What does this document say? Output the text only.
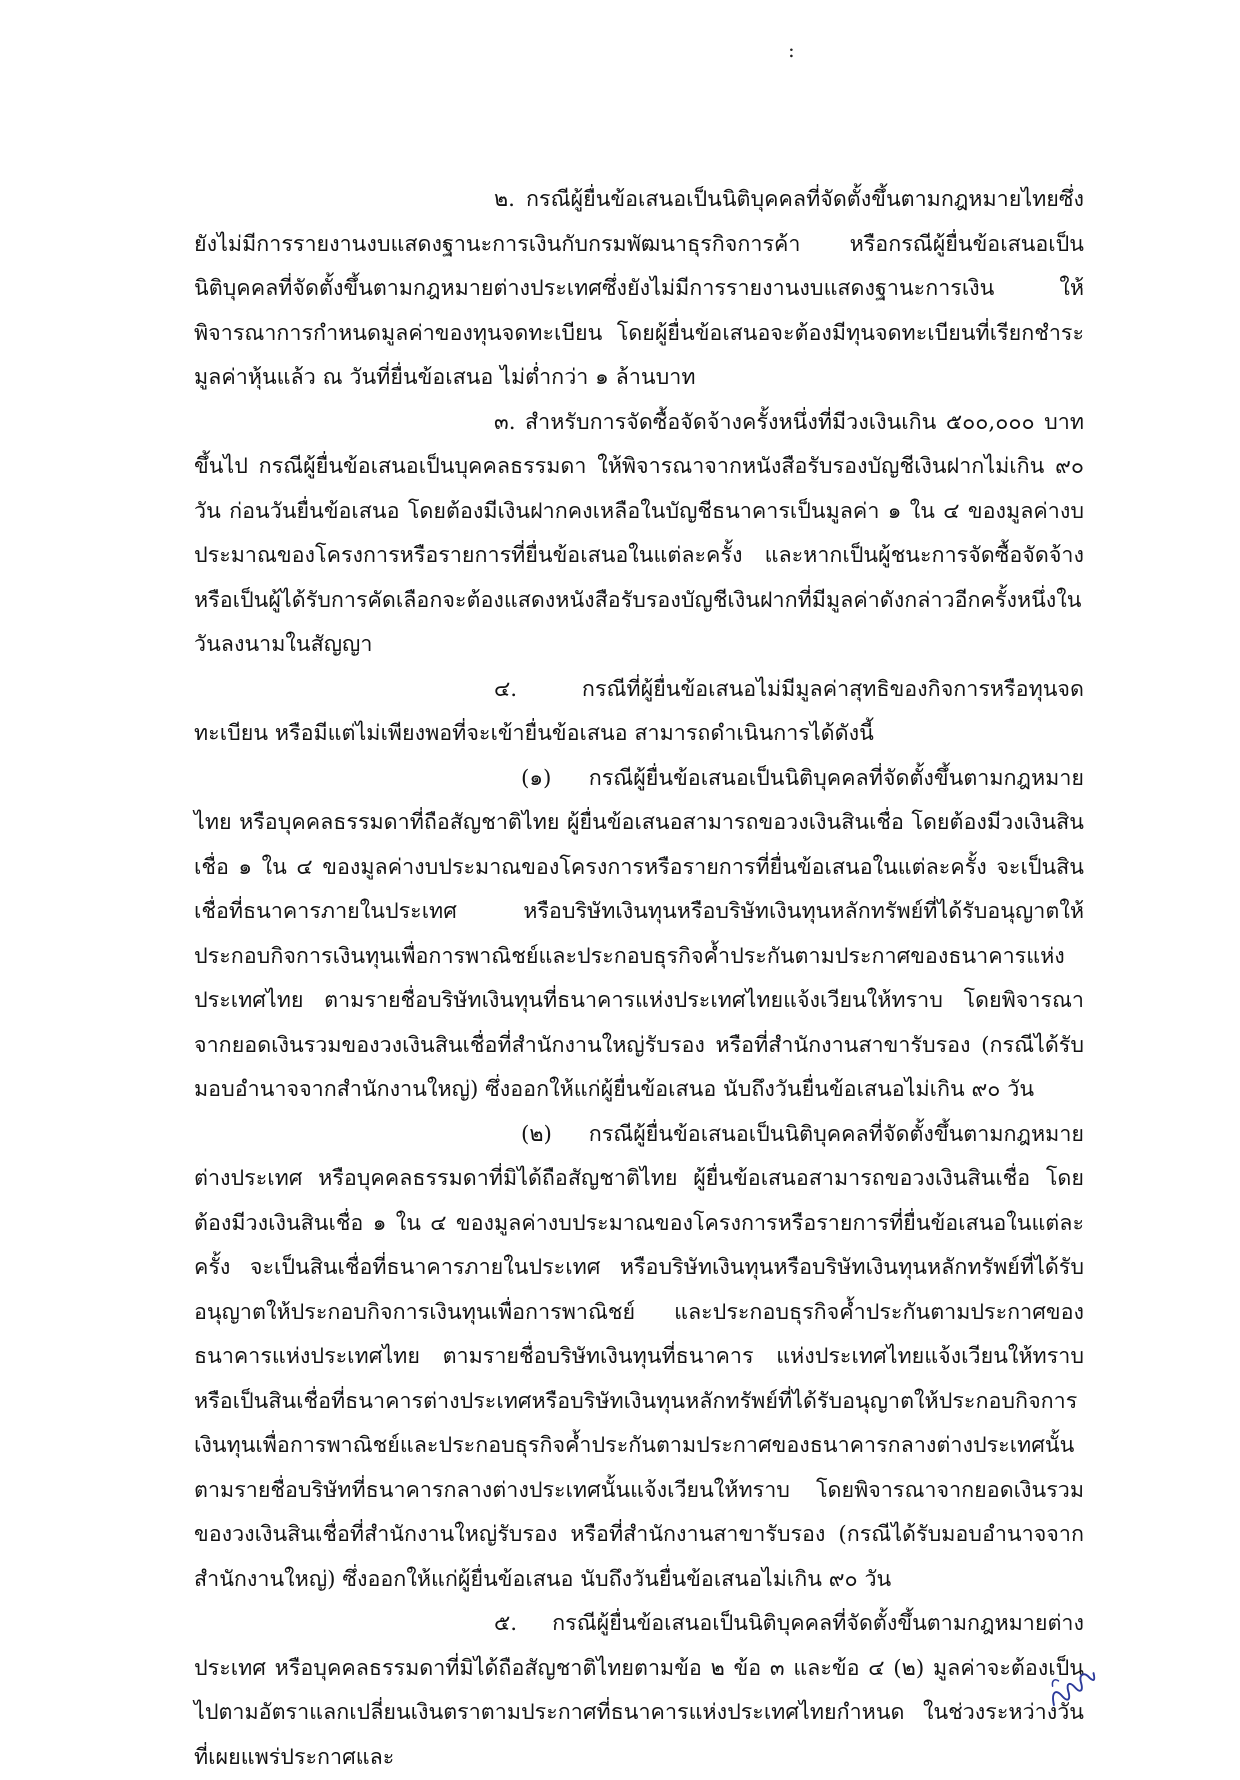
:

๒. กรณีผู้ยื่นข้อเสนอเป็นนิติบุคคลที่จัดตั้งขึ้นตามกฎหมายไทยซึ่งยังไม่มีการรายงานงบแสดงฐานะการเงินกับกรมพัฒนาธุรกิจการค้า หรือกรณีผู้ยื่นข้อเสนอเป็นนิติบุคคลที่จัดตั้งขึ้นตามกฎหมายต่างประเทศซึ่งยังไม่มีการรายงานงบแสดงฐานะการเงิน ให้พิจารณาการกำหนดมูลค่าของทุนจดทะเบียน โดยผู้ยื่นข้อเสนอจะต้องมีทุนจดทะเบียนที่เรียกชำระมูลค่าหุ้นแล้ว ณ วันที่ยื่นข้อเสนอ ไม่ต่ำกว่า ๑ ล้านบาท

๓. สำหรับการจัดซื้อจัดจ้างครั้งหนึ่งที่มีวงเงินเกิน ๕๐๐,๐๐๐ บาทขึ้นไป กรณีผู้ยื่นข้อเสนอเป็นบุคคลธรรมดา ให้พิจารณาจากหนังสือรับรองบัญชีเงินฝากไม่เกิน ๙๐ วัน ก่อนวันยื่นข้อเสนอ โดยต้องมีเงินฝากคงเหลือในบัญชีธนาคารเป็นมูลค่า ๑ ใน ๔ ของมูลค่างบประมาณของโครงการหรือรายการที่ยื่นข้อเสนอในแต่ละครั้ง และหากเป็นผู้ชนะการจัดซื้อจัดจ้างหรือเป็นผู้ได้รับการคัดเลือกจะต้องแสดงหนังสือรับรองบัญชีเงินฝากที่มีมูลค่าดังกล่าวอีกครั้งหนึ่งในวันลงนามในสัญญา

๔. กรณีที่ผู้ยื่นข้อเสนอไม่มีมูลค่าสุทธิของกิจการหรือทุนจดทะเบียน หรือมีแต่ไม่เพียงพอที่จะเข้ายื่นข้อเสนอ สามารถดำเนินการได้ดังนี้

(๑) กรณีผู้ยื่นข้อเสนอเป็นนิติบุคคลที่จัดตั้งขึ้นตามกฎหมายไทย หรือบุคคลธรรมดาที่ถือสัญชาติไทย ผู้ยื่นข้อเสนอสามารถขอวงเงินสินเชื่อ โดยต้องมีวงเงินสินเชื่อ ๑ ใน ๔ ของมูลค่างบประมาณของโครงการหรือรายการที่ยื่นข้อเสนอในแต่ละครั้ง จะเป็นสินเชื่อที่ธนาคารภายในประเทศ หรือบริษัทเงินทุนหรือบริษัทเงินทุนหลักทรัพย์ที่ได้รับอนุญาตให้ประกอบกิจการเงินทุนเพื่อการพาณิชย์และประกอบธุรกิจค้ำประกันตามประกาศของธนาคารแห่งประเทศไทย ตามรายชื่อบริษัทเงินทุนที่ธนาคารแห่งประเทศไทยแจ้งเวียนให้ทราบ โดยพิจารณาจากยอดเงินรวมของวงเงินสินเชื่อที่สำนักงานใหญ่รับรอง หรือที่สำนักงานสาขารับรอง (กรณีได้รับมอบอำนาจจากสำนักงานใหญ่) ซึ่งออกให้แก่ผู้ยื่นข้อเสนอ นับถึงวันยื่นข้อเสนอไม่เกิน ๙๐ วัน

(๒) กรณีผู้ยื่นข้อเสนอเป็นนิติบุคคลที่จัดตั้งขึ้นตามกฎหมายต่างประเทศ หรือบุคคลธรรมดาที่มิได้ถือสัญชาติไทย ผู้ยื่นข้อเสนอสามารถขอวงเงินสินเชื่อ โดยต้องมีวงเงินสินเชื่อ ๑ ใน ๔ ของมูลค่างบประมาณของโครงการหรือรายการที่ยื่นข้อเสนอในแต่ละครั้ง จะเป็นสินเชื่อที่ธนาคารภายในประเทศ หรือบริษัทเงินทุนหรือบริษัทเงินทุนหลักทรัพย์ที่ได้รับอนุญาตให้ประกอบกิจการเงินทุนเพื่อการพาณิชย์ และประกอบธุรกิจค้ำประกันตามประกาศของธนาคารแห่งประเทศไทย ตามรายชื่อบริษัทเงินทุนที่ธนาคาร แห่งประเทศไทยแจ้งเวียนให้ทราบ หรือเป็นสินเชื่อที่ธนาคารต่างประเทศหรือบริษัทเงินทุนหลักทรัพย์ที่ได้รับอนุญาตให้ประกอบกิจการเงินทุนเพื่อการพาณิชย์และประกอบธุรกิจค้ำประกันตามประกาศของธนาคารกลางต่างประเทศนั้น ตามรายชื่อบริษัทที่ธนาคารกลางต่างประเทศนั้นแจ้งเวียนให้ทราบ โดยพิจารณาจากยอดเงินรวมของวงเงินสินเชื่อที่สำนักงานใหญ่รับรอง หรือที่สำนักงานสาขารับรอง (กรณีได้รับมอบอำนาจจากสำนักงานใหญ่) ซึ่งออกให้แก่ผู้ยื่นข้อเสนอ นับถึงวันยื่นข้อเสนอไม่เกิน ๙๐ วัน

๕. กรณีผู้ยื่นข้อเสนอเป็นนิติบุคคลที่จัดตั้งขึ้นตามกฎหมายต่างประเทศ หรือบุคคลธรรมดาที่มิได้ถือสัญชาติไทยตามข้อ ๒ ข้อ ๓ และข้อ ๔ (๒) มูลค่าจะต้องเป็นไปตามอัตราแลกเปลี่ยนเงินตราตามประกาศที่ธนาคารแห่งประเทศไทยกำหนด ในช่วงระหว่างวันที่เผยแพร่ประกาศและ
